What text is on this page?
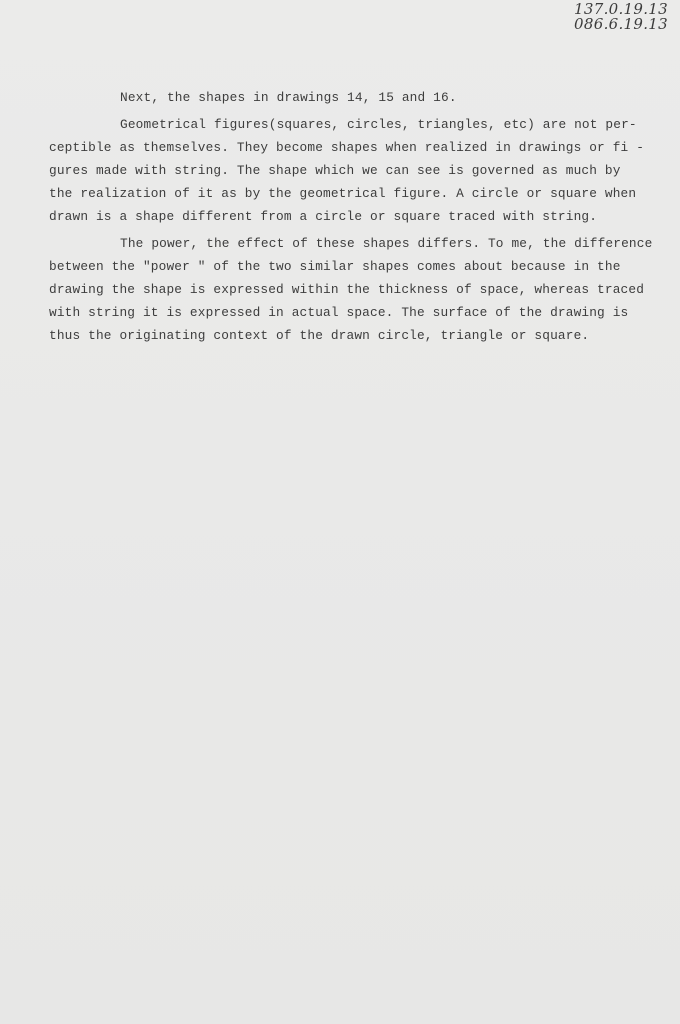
137.0.19.13
086.6.19.13
Next, the shapes in drawings 14, 15 and 16.
Geometrical figures(squares, circles, triangles, etc) are not per-
ceptible as themselves. They become shapes when realized in drawings or fi -
gures made with string. The shape which we can see is governed as much by
the realization of it as by the geometrical figure. A circle or square when
drawn is a shape different from a circle or square traced with string.
The power, the effect of these shapes differs. To me, the difference
between the "power " of the two similar shapes comes about because in the
drawing the shape is expressed within the thickness of space, whereas traced
with string it is expressed in actual space. The surface of the drawing is
thus the originating context of the drawn circle, triangle or square.
